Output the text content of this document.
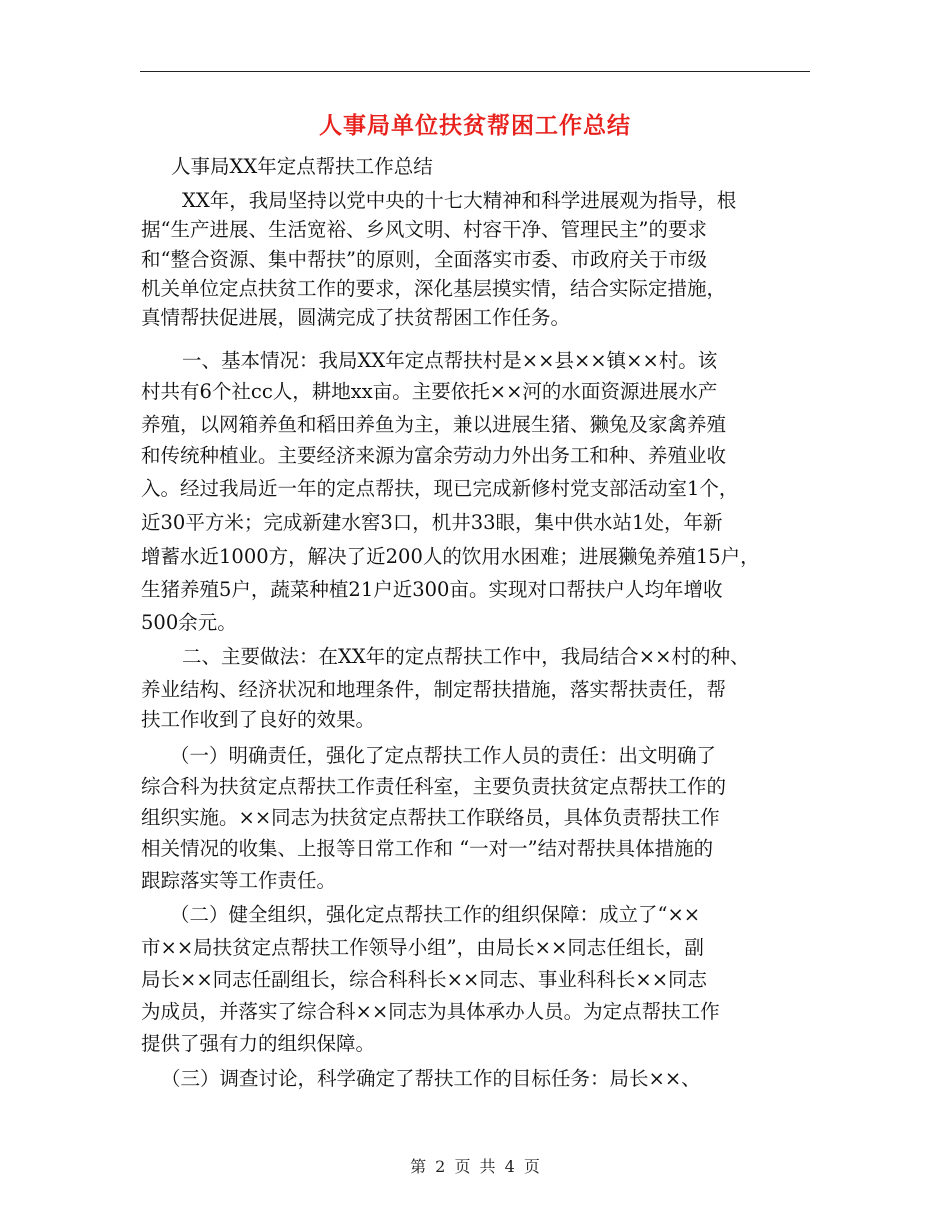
人事局单位扶贫帮困工作总结
人事局XX年定点帮扶工作总结
XX年，我局坚持以党中央的十七大精神和科学进展观为指导，根
据“生产进展、生活宽裕、乡风文明、村容干净、管理民主”的要求
和“整合资源、集中帮扶”的原则，全面落实市委、市政府关于市级
机关单位定点扶贫工作的要求，深化基层摸实情，结合实际定措施，
真情帮扶促进展，圆满完成了扶贫帮困工作任务。
一、基本情况：我局XX年定点帮扶村是××县××镇××村。该
村共有6个社cc人，耕地xx亩。主要依托××河的水面资源进展水产
养殖，以网箱养鱼和稻田养鱼为主，兼以进展生猪、獭兔及家禽养殖
和传统种植业。主要经济来源为富余劳动力外出务工和种、养殖业收
入。经过我局近一年的定点帮扶，现已完成新修村党支部活动室1个，
近30平方米；完成新建水窖3口，机井33眼，集中供水站1处，年新
增蓄水近1000方，解决了近200人的饮用水困难；进展獭兔养殖15户，
生猪养殖5户，蔬菜种植21户近300亩。实现对口帮扶户人均年增收
500余元。
二、主要做法：在XX年的定点帮扶工作中，我局结合××村的种、
养业结构、经济状况和地理条件，制定帮扶措施，落实帮扶责任，帮
扶工作收到了良好的效果。
（一）明确责任，强化了定点帮扶工作人员的责任：出文明确了
综合科为扶贫定点帮扶工作责任科室，主要负责扶贫定点帮扶工作的
组织实施。××同志为扶贫定点帮扶工作联络员，具体负责帮扶工作
相关情况的收集、上报等日常工作和 “一对一”结对帮扶具体措施的
跟踪落实等工作责任。
（二）健全组织，强化定点帮扶工作的组织保障：成立了“××
市××局扶贫定点帮扶工作领导小组”，由局长××同志任组长，副
局长××同志任副组长，综合科科长××同志、事业科科长××同志
为成员，并落实了综合科××同志为具体承办人员。为定点帮扶工作
提供了强有力的组织保障。
（三）调查讨论，科学确定了帮扶工作的目标任务：局长××、
第 2 页 共 4 页
